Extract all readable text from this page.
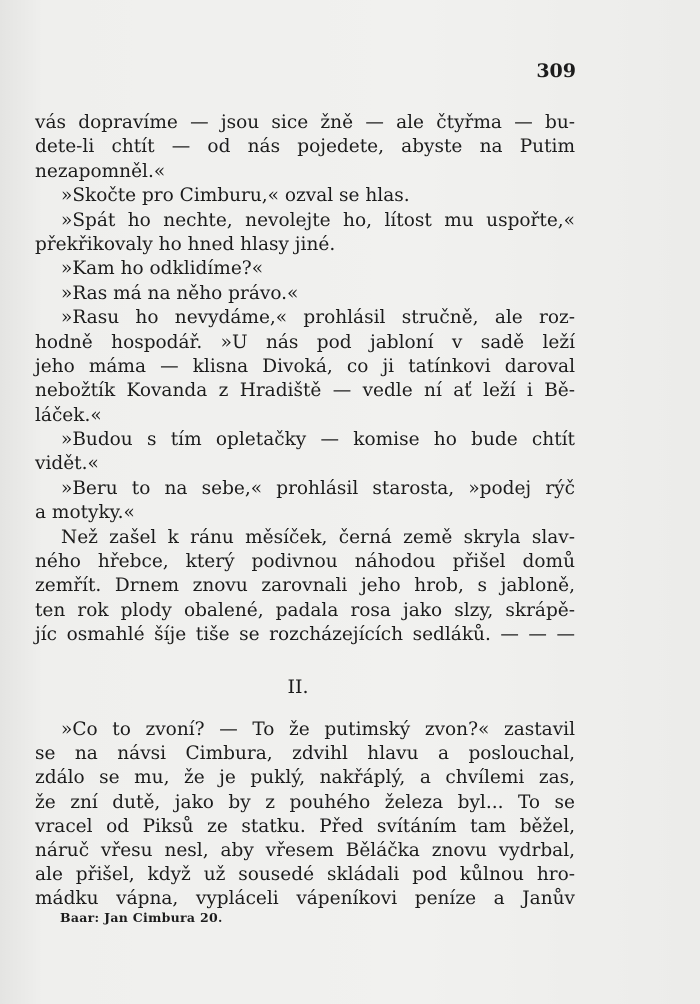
309
vás dopravíme — jsou sice žně — ale čtyřma — bu-
dete-li chtít — od nás pojedete, abyste na Putim
nezapomněl.«
»Skočte pro Cimburu,« ozval se hlas.
»Spát ho nechte, nevolejte ho, lítost mu uspořte,«
překřikovaly ho hned hlasy jiné.
»Kam ho odklidíme?«
»Ras má na něho právo.«
»Rasu ho nevydáme,« prohlásil stručně, ale roz-
hodně hospodář. »U nás pod jabloní v sadě leží
jeho máma — klisna Divoká, co ji tatínkovi daroval
nebožtík Kovanda z Hradiště — vedle ní ať leží i Bě-
láček.«
»Budou s tím opletačky — komise ho bude chtít
vidět.«
»Beru to na sebe,« prohlásil starosta, »podej rýč
a motyky.«
Než zašel k ránu měsíček, černá země skryla slav-
ného hřebce, který podivnou náhodou přišel domů
zemřít. Drnem znovu zarovnali jeho hrob, s jabloně,
ten rok plody obalené, padala rosa jako slzy, skrápě-
jíc osmahlé šíje tiše se rozcházejících sedláků. — — —
II.
»Co to zvoní? — To že putimský zvon?« zastavil
se na návsi Cimbura, zdvihl hlavu a poslouchal,
zdálo se mu, že je puklý, nakřáplý, a chvílemi zas,
že zní dutě, jako by z pouhého železa byl... To se
vracel od Piksů ze statku. Před svítáním tam běžel,
náruč vřesu nesl, aby vřesem Běláčka znovu vydrbal,
ale přišel, když už sousedé skládali pod kůlnou hro-
mádku vápna, vypláceli vápeníkovi peníze a Janův
Baar: Jan Cimbura 20.
